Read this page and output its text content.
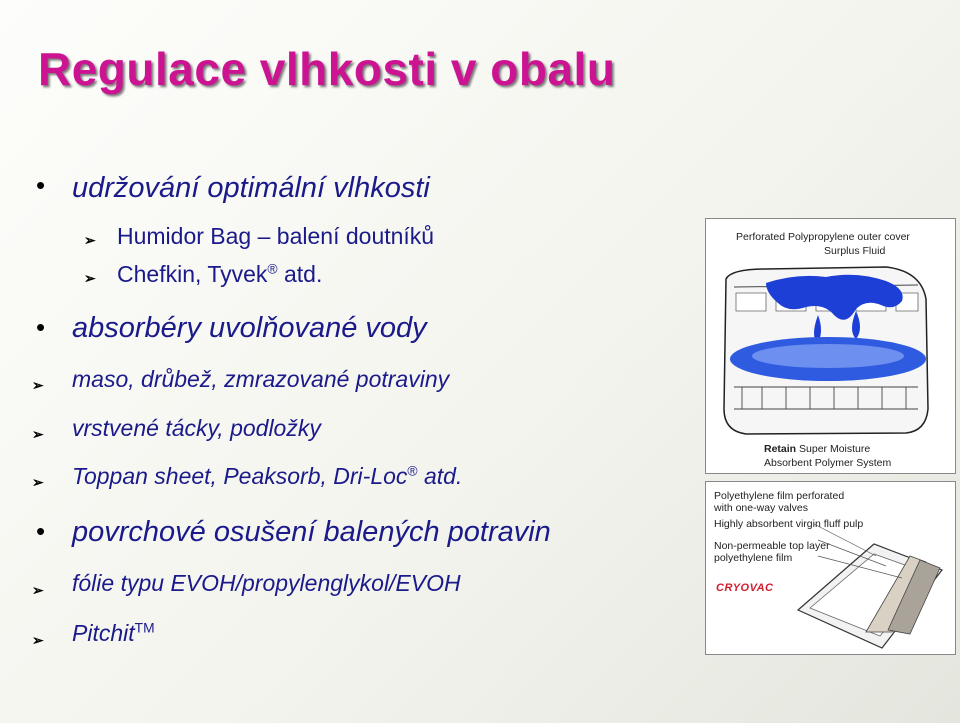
Regulace vlhkosti v obalu
• udržování optimální vlhkosti
➢ Humidor Bag – balení doutníků
➢ Chefkin, Tyvek® atd.
• absorbéry uvolňované vody
➢ maso, drůbež, zmrazované potraviny
➢ vrstvené tácky, podložky
➢ Toppan sheet, Peaksorb, Dri-Loc® atd.
• povrchové osušení balených potravin
➢ fólie typu EVOH/propylenglykol/EVOH
➢ Pitchit™
Perforated Polypropylene outer cover
Surplus Fluid
Retain Super Moisture
Absorbent Polymer System
Polyethylene film perforated
with one-way valves
Highly absorbent virgin fluff pulp
Non-permeable top layer
polyethylene film
CRYOVAC
